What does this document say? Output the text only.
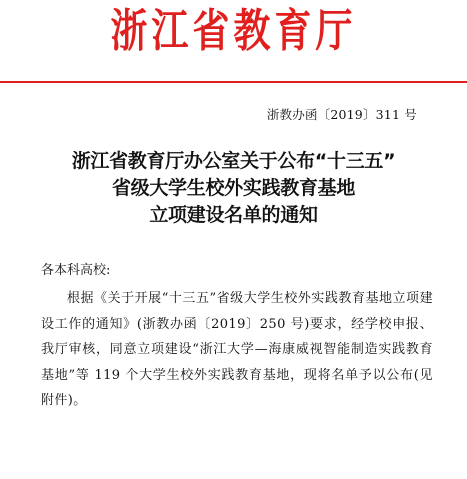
浙江省教育厅
浙教办函〔2019〕311 号
浙江省教育厅办公室关于公布“十三五”
省级大学生校外实践教育基地
立项建设名单的通知
各本科高校:
根据《关于开展“十三五”省级大学生校外实践教育基地立项建设工作的通知》(浙教办函〔2019〕250 号)要求，经学校申报、我厅审核，同意立项建设“浙江大学—海康威视智能制造实践教育基地”等 119 个大学生校外实践教育基地，现将名单予以公布(见附件)。
